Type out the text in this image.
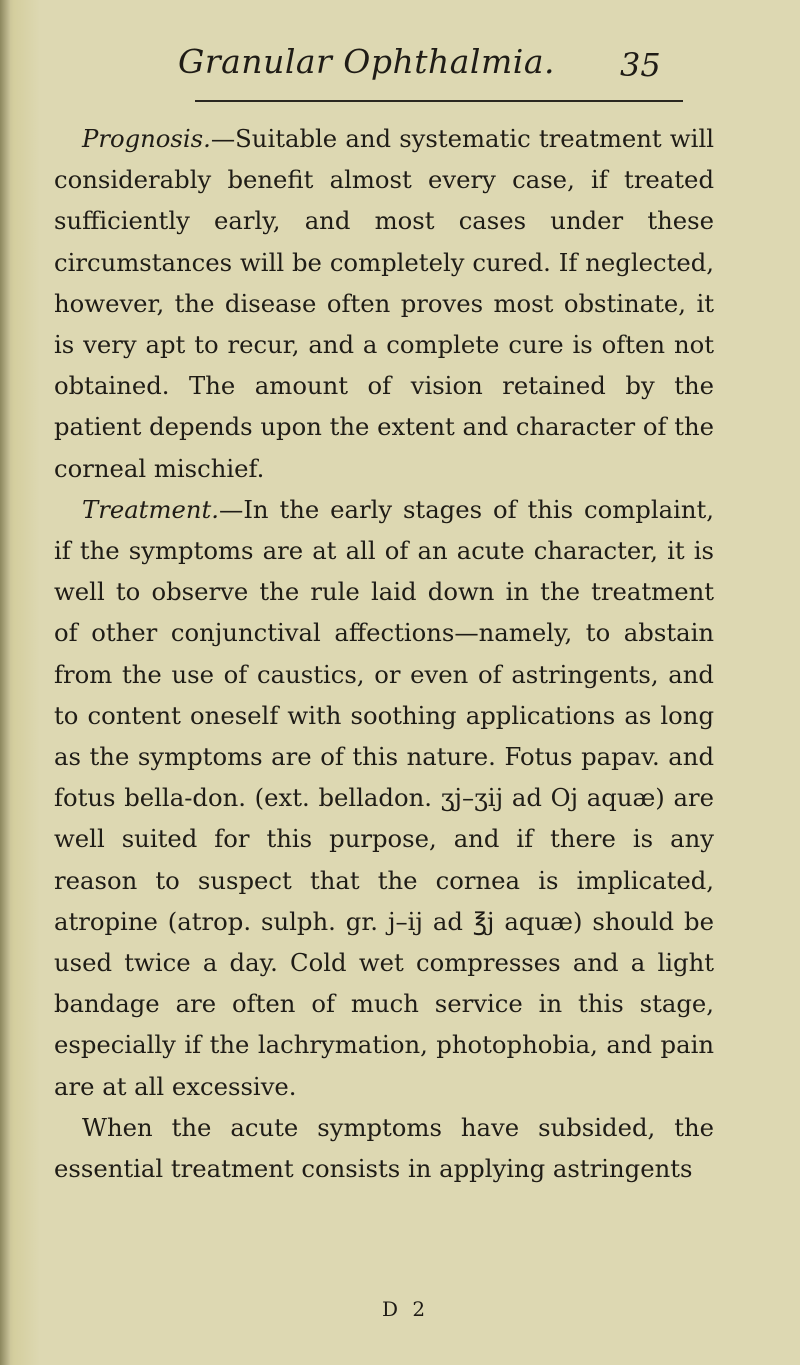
Granular Ophthalmia. 35

Prognosis.—Suitable and systematic treatment will considerably benefit almost every case, if treated sufficiently early, and most cases under these circumstances will be completely cured. If neglected, however, the disease often proves most obstinate, it is very apt to recur, and a complete cure is often not obtained. The amount of vision retained by the patient depends upon the extent and character of the corneal mischief.

Treatment.—In the early stages of this complaint, if the symptoms are at all of an acute character, it is well to observe the rule laid down in the treatment of other conjunctival affections—namely, to abstain from the use of caustics, or even of astringents, and to content oneself with soothing applications as long as the symptoms are of this nature. Fotus papav. and fotus bella-don. (ext. belladon. ʒj–ʒij ad Oj aquæ) are well suited for this purpose, and if there is any reason to suspect that the cornea is implicated, atropine (atrop. sulph. gr. j–ij ad ℥j aquæ) should be used twice a day. Cold wet compresses and a light bandage are often of much service in this stage, especially if the lachrymation, photophobia, and pain are at all excessive.

When the acute symptoms have subsided, the essential treatment consists in applying astringents

D 2
